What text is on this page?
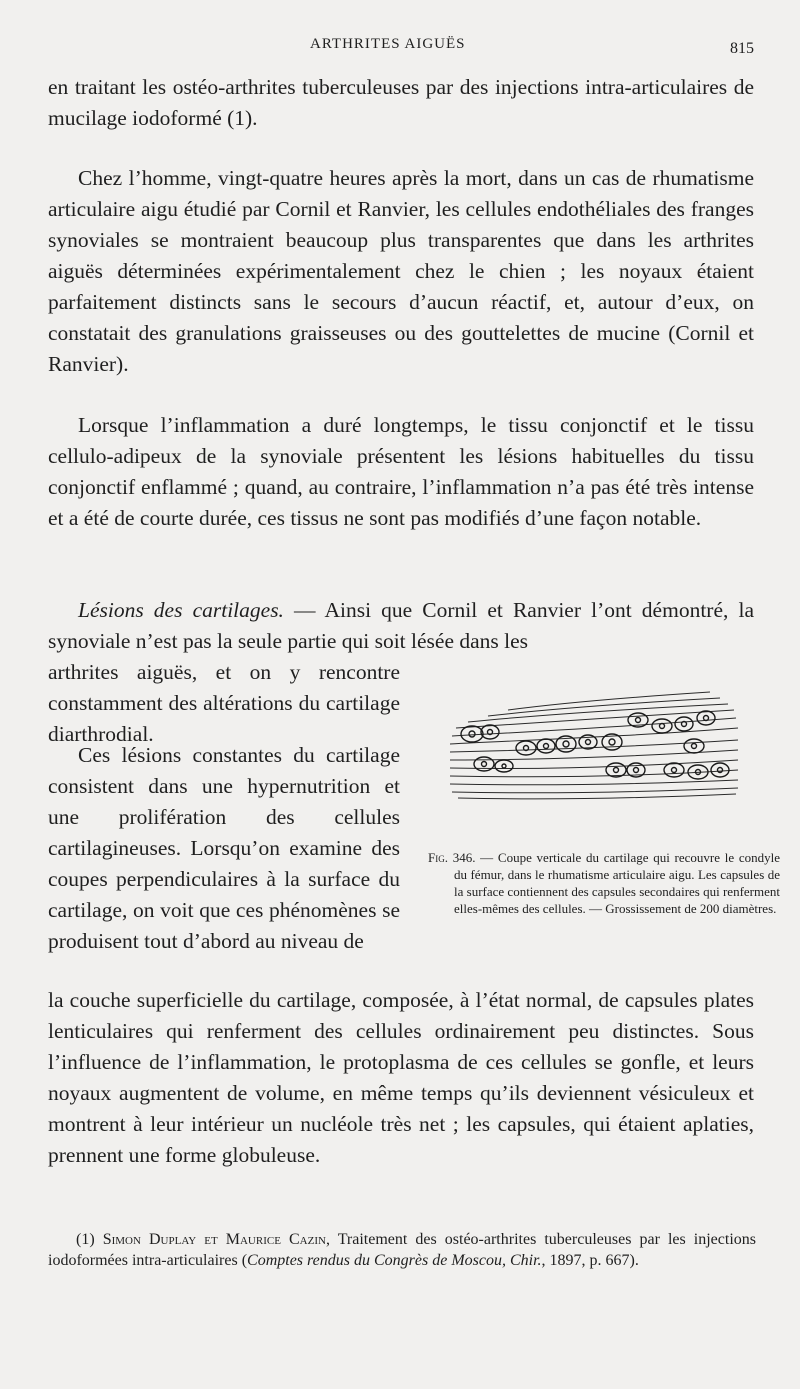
ARTHRITES AIGUËS	815

en traitant les ostéo-arthrites tuberculeuses par des injections intra-articulaires de mucilage iodoformé (1).

Chez l’homme, vingt-quatre heures après la mort, dans un cas de rhumatisme articulaire aigu étudié par Cornil et Ranvier, les cellules endothéliales des franges synoviales se montraient beaucoup plus transparentes que dans les arthrites aiguës déterminées expérimentalement chez le chien ; les noyaux étaient parfaitement distincts sans le secours d’aucun réactif, et, autour d’eux, on constatait des granulations graisseuses ou des gouttelettes de mucine (Cornil et Ranvier).

Lorsque l’inflammation a duré longtemps, le tissu conjonctif et le tissu cellulo-adipeux de la synoviale présentent les lésions habituelles du tissu conjonctif enflammé ; quand, au contraire, l’inflammation n’a pas été très intense et a été de courte durée, ces tissus ne sont pas modifiés d’une façon notable.

Lésions des cartilages. — Ainsi que Cornil et Ranvier l’ont démontré, la synoviale n’est pas la seule partie qui soit lésée dans les

arthrites aiguës, et on y rencontre constamment des altérations du cartilage diarthrodial.

Ces lésions constantes du cartilage consistent dans une hypernutrition et une prolifération des cellules cartilagineuses. Lorsqu’on examine des coupes perpendiculaires à la surface du cartilage, on voit que ces phénomènes se produisent tout d’abord au niveau de

la couche superficielle du cartilage, composée, à l’état normal, de capsules plates lenticulaires qui renferment des cellules ordinairement peu distinctes. Sous l’influence de l’inflammation, le protoplasma de ces cellules se gonfle, et leurs noyaux augmentent de volume, en même temps qu’ils deviennent vésiculeux et montrent à leur intérieur un nucléole très net ; les capsules, qui étaient aplaties, prennent une forme globuleuse.

Fig. 346. — Coupe verticale du cartilage qui recouvre le condyle du fémur, dans le rhumatisme articulaire aigu. Les capsules de la surface contiennent des capsules secondaires qui renferment elles-mêmes des cellules. — Grossissement de 200 diamètres.

(1) Simon Duplay et Maurice Cazin, Traitement des ostéo-arthrites tuberculeuses par les injections iodoformées intra-articulaires (Comptes rendus du Congrès de Moscou, Chir., 1897, p. 667).
